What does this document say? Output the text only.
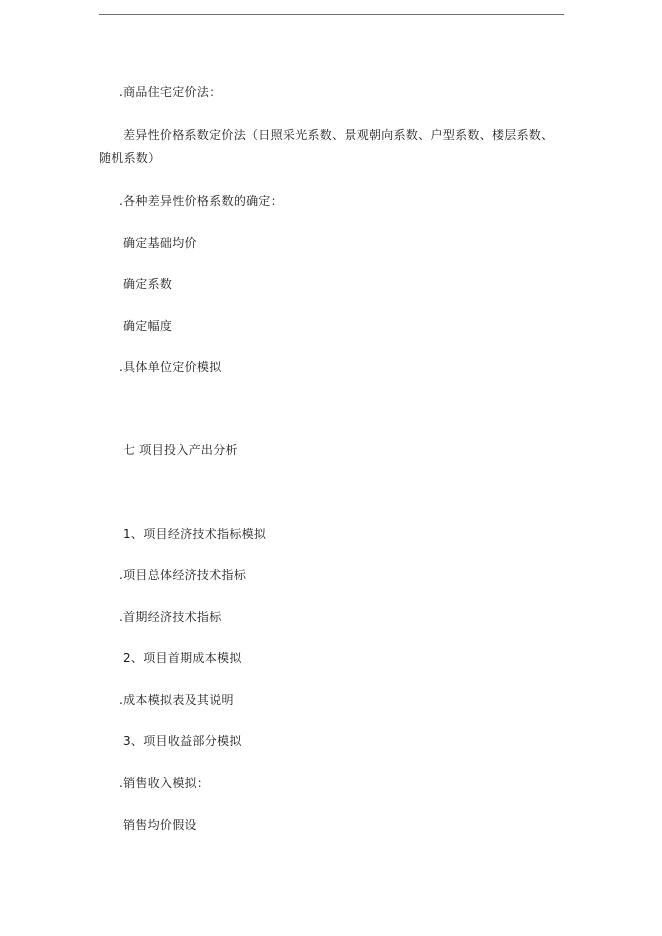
.商品住宅定价法：
差异性价格系数定价法（日照采光系数、景观朝向系数、户型系数、楼层系数、随机系数）
.各种差异性价格系数的确定：
确定基础均价
确定系数
确定幅度
.具体单位定价模拟
七 项目投入产出分析
1、项目经济技术指标模拟
.项目总体经济技术指标
.首期经济技术指标
2、项目首期成本模拟
.成本模拟表及其说明
3、项目收益部分模拟
.销售收入模拟：
销售均价假设
